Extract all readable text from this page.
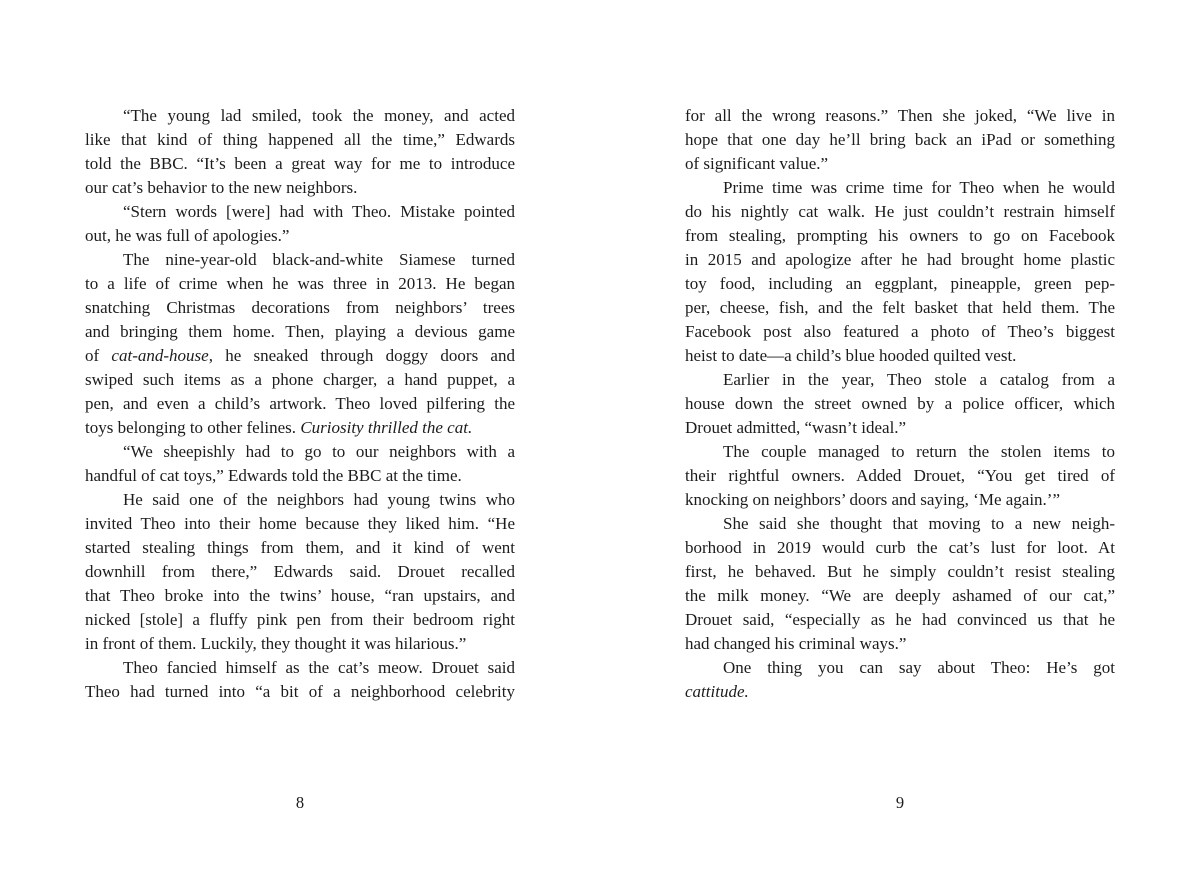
“The young lad smiled, took the money, and acted
like that kind of thing happened all the time,” Edwards
told the BBC. “It’s been a great way for me to introduce
our cat’s behavior to the new neighbors.
“Stern words [were] had with Theo. Mistake pointed
out, he was full of apologies.”
The nine-year-old black-and-white Siamese turned
to a life of crime when he was three in 2013. He began
snatching Christmas decorations from neighbors’ trees
and bringing them home. Then, playing a devious game
of cat-and-house, he sneaked through doggy doors and
swiped such items as a phone charger, a hand puppet, a
pen, and even a child’s artwork. Theo loved pilfering the
toys belonging to other felines. Curiosity thrilled the cat.
“We sheepishly had to go to our neighbors with a
handful of cat toys,” Edwards told the BBC at the time.
He said one of the neighbors had young twins who
invited Theo into their home because they liked him. “He
started stealing things from them, and it kind of went
downhill from there,” Edwards said. Drouet recalled
that Theo broke into the twins’ house, “ran upstairs, and
nicked [stole] a fluffy pink pen from their bedroom right
in front of them. Luckily, they thought it was hilarious.”
Theo fancied himself as the cat’s meow. Drouet said
Theo had turned into “a bit of a neighborhood celebrity
for all the wrong reasons.” Then she joked, “We live in
hope that one day he’ll bring back an iPad or something
of significant value.”
Prime time was crime time for Theo when he would
do his nightly cat walk. He just couldn’t restrain himself
from stealing, prompting his owners to go on Facebook
in 2015 and apologize after he had brought home plastic
toy food, including an eggplant, pineapple, green pep-
per, cheese, fish, and the felt basket that held them. The
Facebook post also featured a photo of Theo’s biggest
heist to date—a child’s blue hooded quilted vest.
Earlier in the year, Theo stole a catalog from a
house down the street owned by a police officer, which
Drouet admitted, “wasn’t ideal.”
The couple managed to return the stolen items to
their rightful owners. Added Drouet, “You get tired of
knocking on neighbors’ doors and saying, ‘Me again.’”
She said she thought that moving to a new neigh-
borhood in 2019 would curb the cat’s lust for loot. At
first, he behaved. But he simply couldn’t resist stealing
the milk money. “We are deeply ashamed of our cat,”
Drouet said, “especially as he had convinced us that he
had changed his criminal ways.”
One thing you can say about Theo: He’s got
cattitude.
8	9
